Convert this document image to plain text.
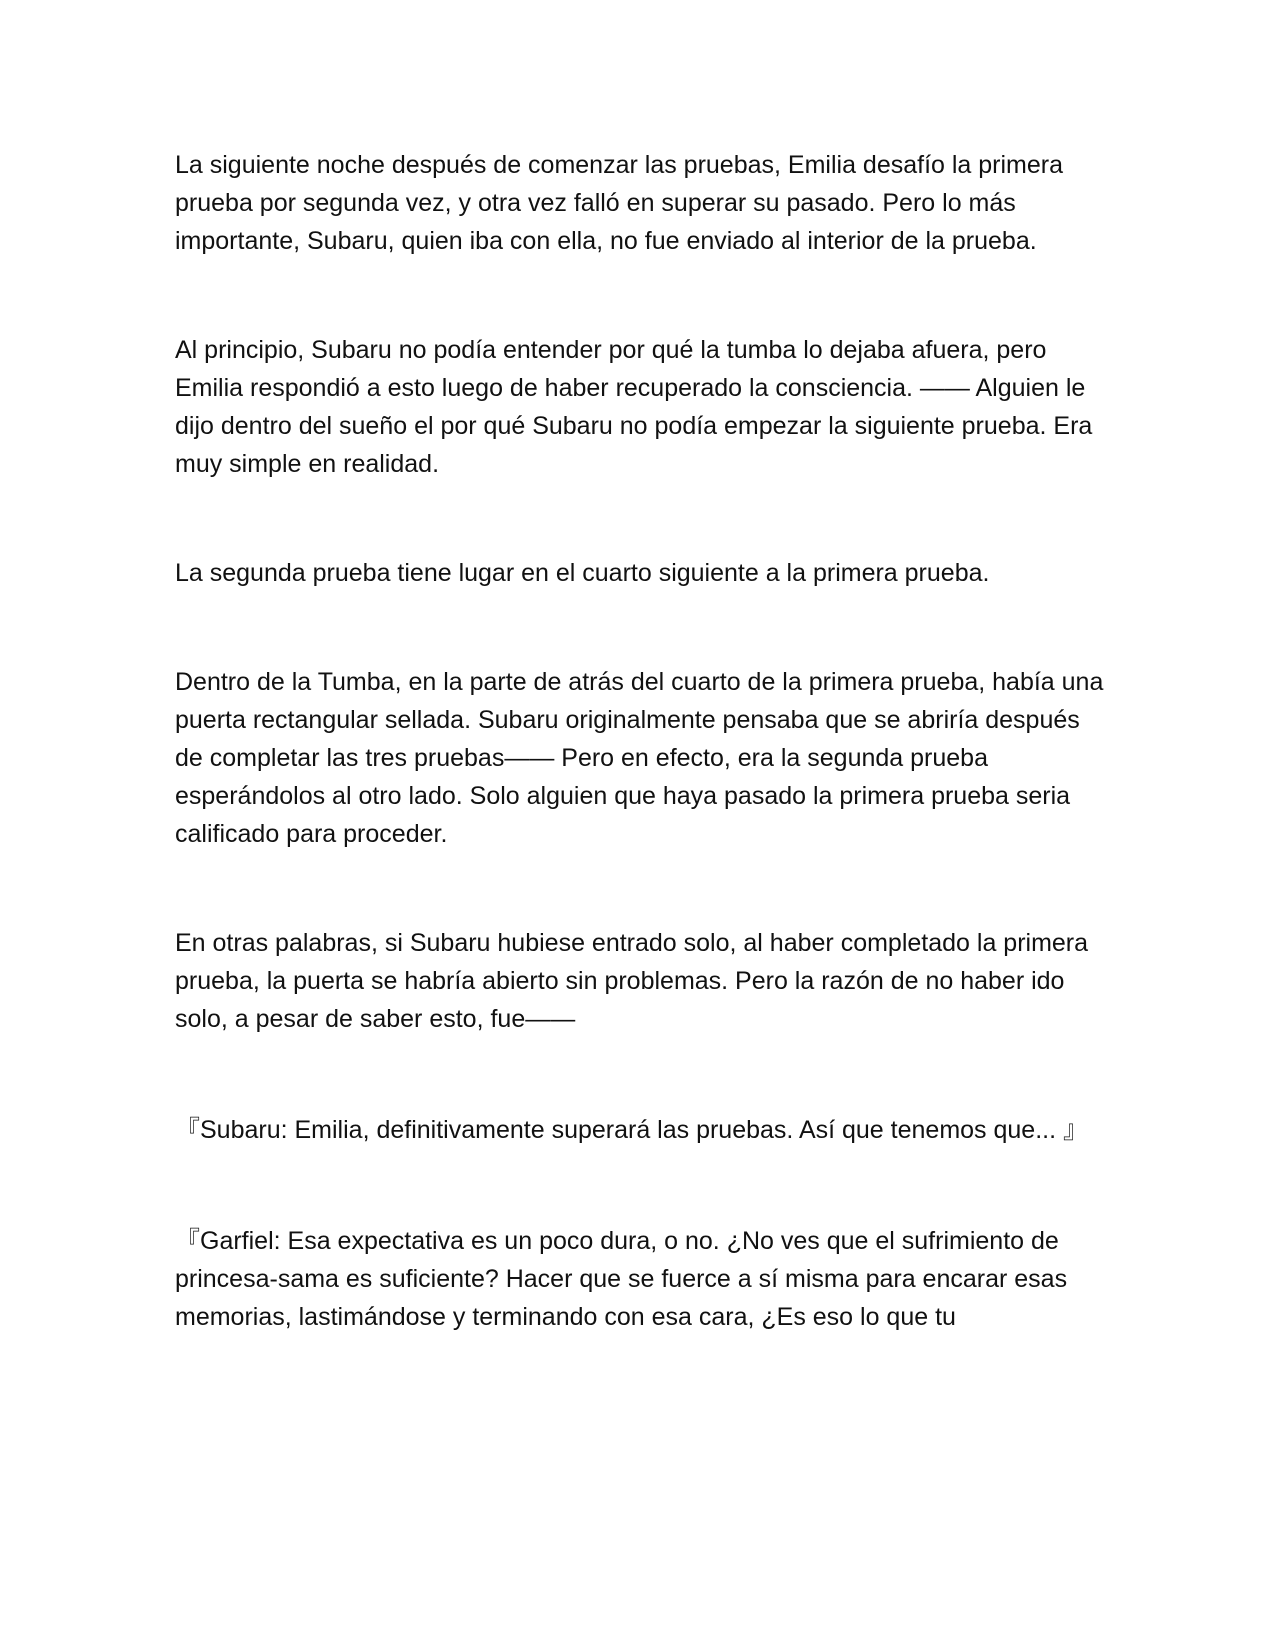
La siguiente noche después de comenzar las pruebas, Emilia desafío la primera prueba por segunda vez, y otra vez falló en superar su pasado. Pero lo más importante, Subaru, quien iba con ella, no fue enviado al interior de la prueba.

Al principio, Subaru no podía entender por qué la tumba lo dejaba afuera, pero Emilia respondió a esto luego de haber recuperado la consciencia. —— Alguien le dijo dentro del sueño el por qué Subaru no podía empezar la siguiente prueba. Era muy simple en realidad.

La segunda prueba tiene lugar en el cuarto siguiente a la primera prueba.

Dentro de la Tumba, en la parte de atrás del cuarto de la primera prueba, había una puerta rectangular sellada. Subaru originalmente pensaba que se abriría después de completar las tres pruebas—— Pero en efecto, era la segunda prueba esperándolos al otro lado. Solo alguien que haya pasado la primera prueba seria calificado para proceder.

En otras palabras, si Subaru hubiese entrado solo, al haber completado la primera prueba, la puerta se habría abierto sin problemas. Pero la razón de no haber ido solo, a pesar de saber esto, fue——

『Subaru: Emilia, definitivamente superará las pruebas. Así que tenemos que... 』

『Garfiel: Esa expectativa es un poco dura, o no. ¿No ves que el sufrimiento de princesa-sama es suficiente? Hacer que se fuerce a sí misma para encarar esas memorias, lastimándose y terminando con esa cara, ¿Es eso lo que tu
